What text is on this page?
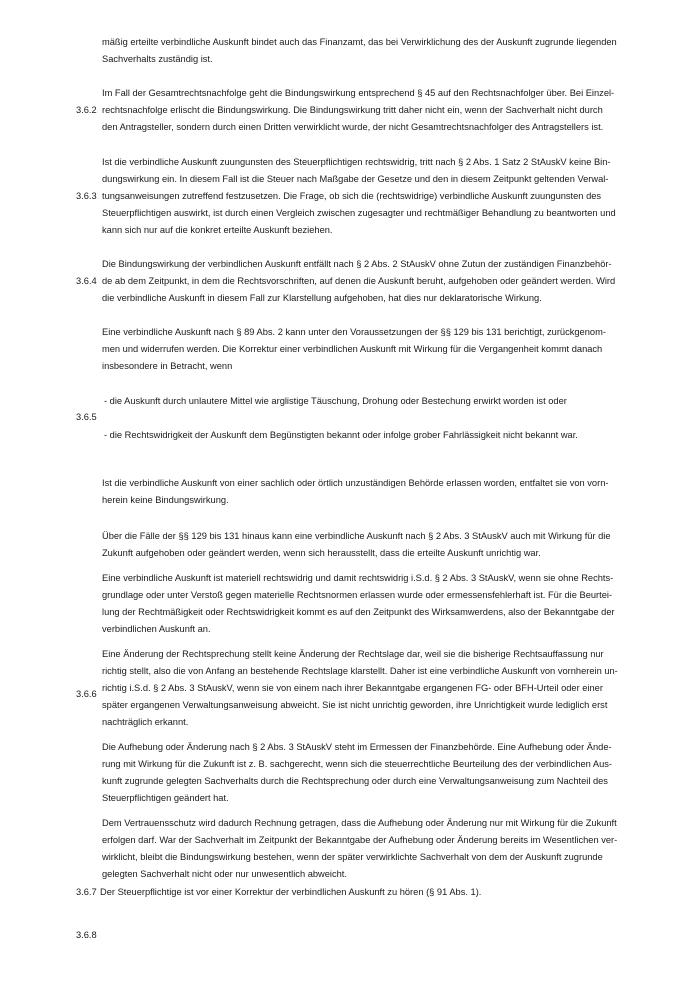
mäßig erteilte verbindliche Auskunft bindet auch das Finanzamt, das bei Verwirklichung des der Auskunft zugrunde liegenden

Sachverhalts zuständig ist.

3.6.2

Im Fall der Gesamtrechtsnachfolge geht die Bindungswirkung entsprechend § 45 auf den Rechtsnachfolger über. Bei Einzel-

rechtsnachfolge erlischt die Bindungswirkung. Die Bindungswirkung tritt daher nicht ein, wenn der Sachverhalt nicht durch

den Antragsteller, sondern durch einen Dritten verwirklicht wurde, der nicht Gesamtrechtsnachfolger des Antragstellers ist.

3.6.3

Ist die verbindliche Auskunft zuungunsten des Steuerpflichtigen rechtswidrig, tritt nach § 2 Abs. 1 Satz 2 StAuskV keine Bin-

dungswirkung ein. In diesem Fall ist die Steuer nach Maßgabe der Gesetze und den in diesem Zeitpunkt geltenden Verwal-

tungsanweisungen zutreffend festzusetzen. Die Frage, ob sich die (rechtswidrige) verbindliche Auskunft zuungunsten des

Steuerpflichtigen auswirkt, ist durch einen Vergleich zwischen zugesagter und rechtmäßiger Behandlung zu beantworten und

kann sich nur auf die konkret erteilte Auskunft beziehen.

3.6.4

Die Bindungswirkung der verbindlichen Auskunft entfällt nach § 2 Abs. 2 StAuskV ohne Zutun der zuständigen Finanzbehör-

de ab dem Zeitpunkt, in dem die Rechtsvorschriften, auf denen die Auskunft beruht, aufgehoben oder geändert werden. Wird

die verbindliche Auskunft in diesem Fall zur Klarstellung aufgehoben, hat dies nur deklaratorische Wirkung.

3.6.5

Eine verbindliche Auskunft nach § 89 Abs. 2 kann unter den Voraussetzungen der §§ 129 bis 131 berichtigt, zurückgenom-

men und widerrufen werden. Die Korrektur einer verbindlichen Auskunft mit Wirkung für die Vergangenheit kommt danach

insbesondere in Betracht, wenn

- die Auskunft durch unlautere Mittel wie arglistige Täuschung, Drohung oder Bestechung erwirkt worden ist oder

- die Rechtswidrigkeit der Auskunft dem Begünstigten bekannt oder infolge grober Fahrlässigkeit nicht bekannt war.

Ist die verbindliche Auskunft von einer sachlich oder örtlich unzuständigen Behörde erlassen worden, entfaltet sie von vorn-

herein keine Bindungswirkung.

3.6.6

Über die Fälle der §§ 129 bis 131 hinaus kann eine verbindliche Auskunft nach § 2 Abs. 3 StAuskV auch mit Wirkung für die

Zukunft aufgehoben oder geändert werden, wenn sich herausstellt, dass die erteilte Auskunft unrichtig war.

Eine verbindliche Auskunft ist materiell rechtswidrig und damit rechtswidrig i.S.d. § 2 Abs. 3 StAuskV, wenn sie ohne Rechts-

grundlage oder unter Verstoß gegen materielle Rechtsnormen erlassen wurde oder ermessensfehlerhaft ist. Für die Beurtei-

lung der Rechtmäßigkeit oder Rechtswidrigkeit kommt es auf den Zeitpunkt des Wirksamwerdens, also der Bekanntgabe der

verbindlichen Auskunft an.

Eine Änderung der Rechtsprechung stellt keine Änderung der Rechtslage dar, weil sie die bisherige Rechtsauffassung nur

richtig stellt, also die von Anfang an bestehende Rechtslage klarstellt. Daher ist eine verbindliche Auskunft von vornherein un-

richtig i.S.d. § 2 Abs. 3 StAuskV, wenn sie von einem nach ihrer Bekanntgabe ergangenen FG- oder BFH-Urteil oder einer

später ergangenen Verwaltungsanweisung abweicht. Sie ist nicht unrichtig geworden, ihre Unrichtigkeit wurde lediglich erst

nachträglich erkannt.

Die Aufhebung oder Änderung nach § 2 Abs. 3 StAuskV steht im Ermessen der Finanzbehörde. Eine Aufhebung oder Ände-

rung mit Wirkung für die Zukunft ist z. B. sachgerecht, wenn sich die steuerrechtliche Beurteilung des der verbindlichen Aus-

kunft zugrunde gelegten Sachverhalts durch die Rechtsprechung oder durch eine Verwaltungsanweisung zum Nachteil des

Steuerpflichtigen geändert hat.

Dem Vertrauensschutz wird dadurch Rechnung getragen, dass die Aufhebung oder Änderung nur mit Wirkung für die Zukunft

erfolgen darf. War der Sachverhalt im Zeitpunkt der Bekanntgabe der Aufhebung oder Änderung bereits im Wesentlichen ver-

wirklicht, bleibt die Bindungswirkung bestehen, wenn der später verwirklichte Sachverhalt von dem der Auskunft zugrunde

gelegten Sachverhalt nicht oder nur unwesentlich abweicht.

3.6.7 Der Steuerpflichtige ist vor einer Korrektur der verbindlichen Auskunft zu hören (§ 91 Abs. 1).

3.6.8
